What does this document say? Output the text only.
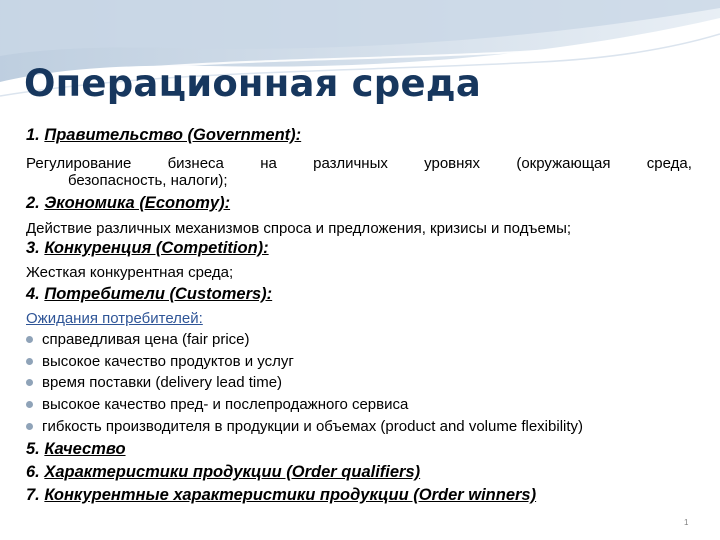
Операционная среда
1. Правительство (Government):
Регулирование бизнеса на различных уровнях (окружающая среда,
безопасность, налоги);
2. Экономика (Economy):
Действие различных механизмов спроса и предложения, кризисы и подъемы;
3. Конкуренция (Competition):
Жесткая конкурентная среда;
4. Потребители (Customers):
Ожидания потребителей:
справедливая цена (fair price)
высокое качество продуктов и услуг
время поставки (delivery lead time)
высокое качество пред- и послепродажного сервиса
гибкость производителя в продукции и объемах (product and volume flexibility)
5. Качество
6. Характеристики продукции (Order qualifiers)
7. Конкурентные характеристики продукции (Order winners)
1
